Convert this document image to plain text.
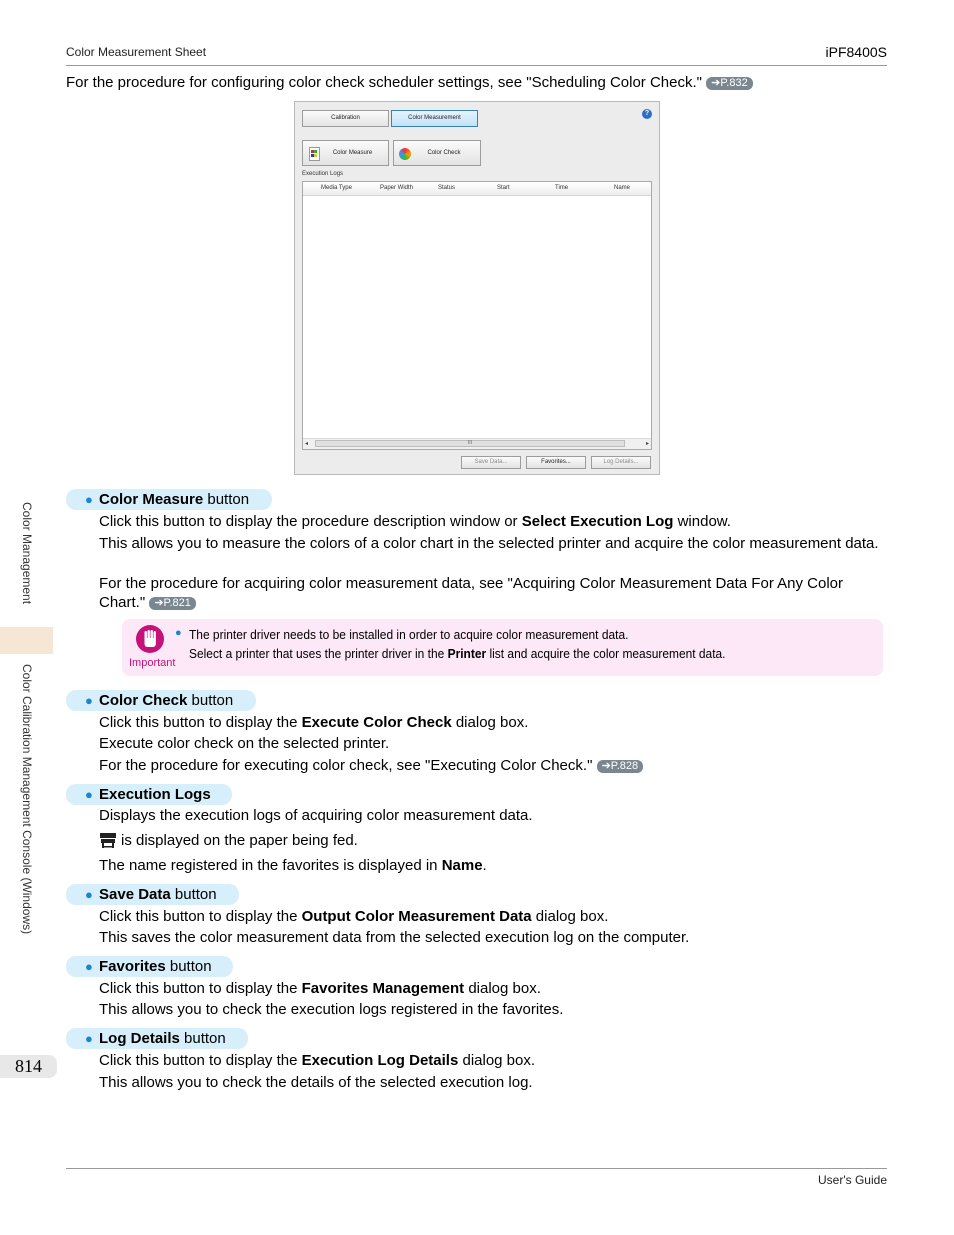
Color Measurement Sheet	iPF8400S
For the procedure for configuring color check scheduler settings, see "Scheduling Color Check." ➔P.832
Calibration	Color Measurement
?
Color Measure	Color Check
Execution Logs
Media Type	Paper Width	Status	Start	Time	Name
◂	III	▸
Save Data...	Favorites...	Log Details...
● Color Measure button
Click this button to display the procedure description window or Select Execution Log window.
This allows you to measure the colors of a color chart in the selected printer and acquire the color measurement data.
For the procedure for acquiring color measurement data, see "Acquiring Color Measurement Data For Any Color Chart." ➔P.821
Important
● The printer driver needs to be installed in order to acquire color measurement data.
Select a printer that uses the printer driver in the Printer list and acquire the color measurement data.
● Color Check button
Click this button to display the Execute Color Check dialog box.
Execute color check on the selected printer.
For the procedure for executing color check, see "Executing Color Check." ➔P.828
● Execution Logs
Displays the execution logs of acquiring color measurement data.
is displayed on the paper being fed.
The name registered in the favorites is displayed in Name.
● Save Data button
Click this button to display the Output Color Measurement Data dialog box.
This saves the color measurement data from the selected execution log on the computer.
● Favorites button
Click this button to display the Favorites Management dialog box.
This allows you to check the execution logs registered in the favorites.
● Log Details button
Click this button to display the Execution Log Details dialog box.
This allows you to check the details of the selected execution log.
Color Management
Color Calibration Management Console (Windows)
814
User's Guide
